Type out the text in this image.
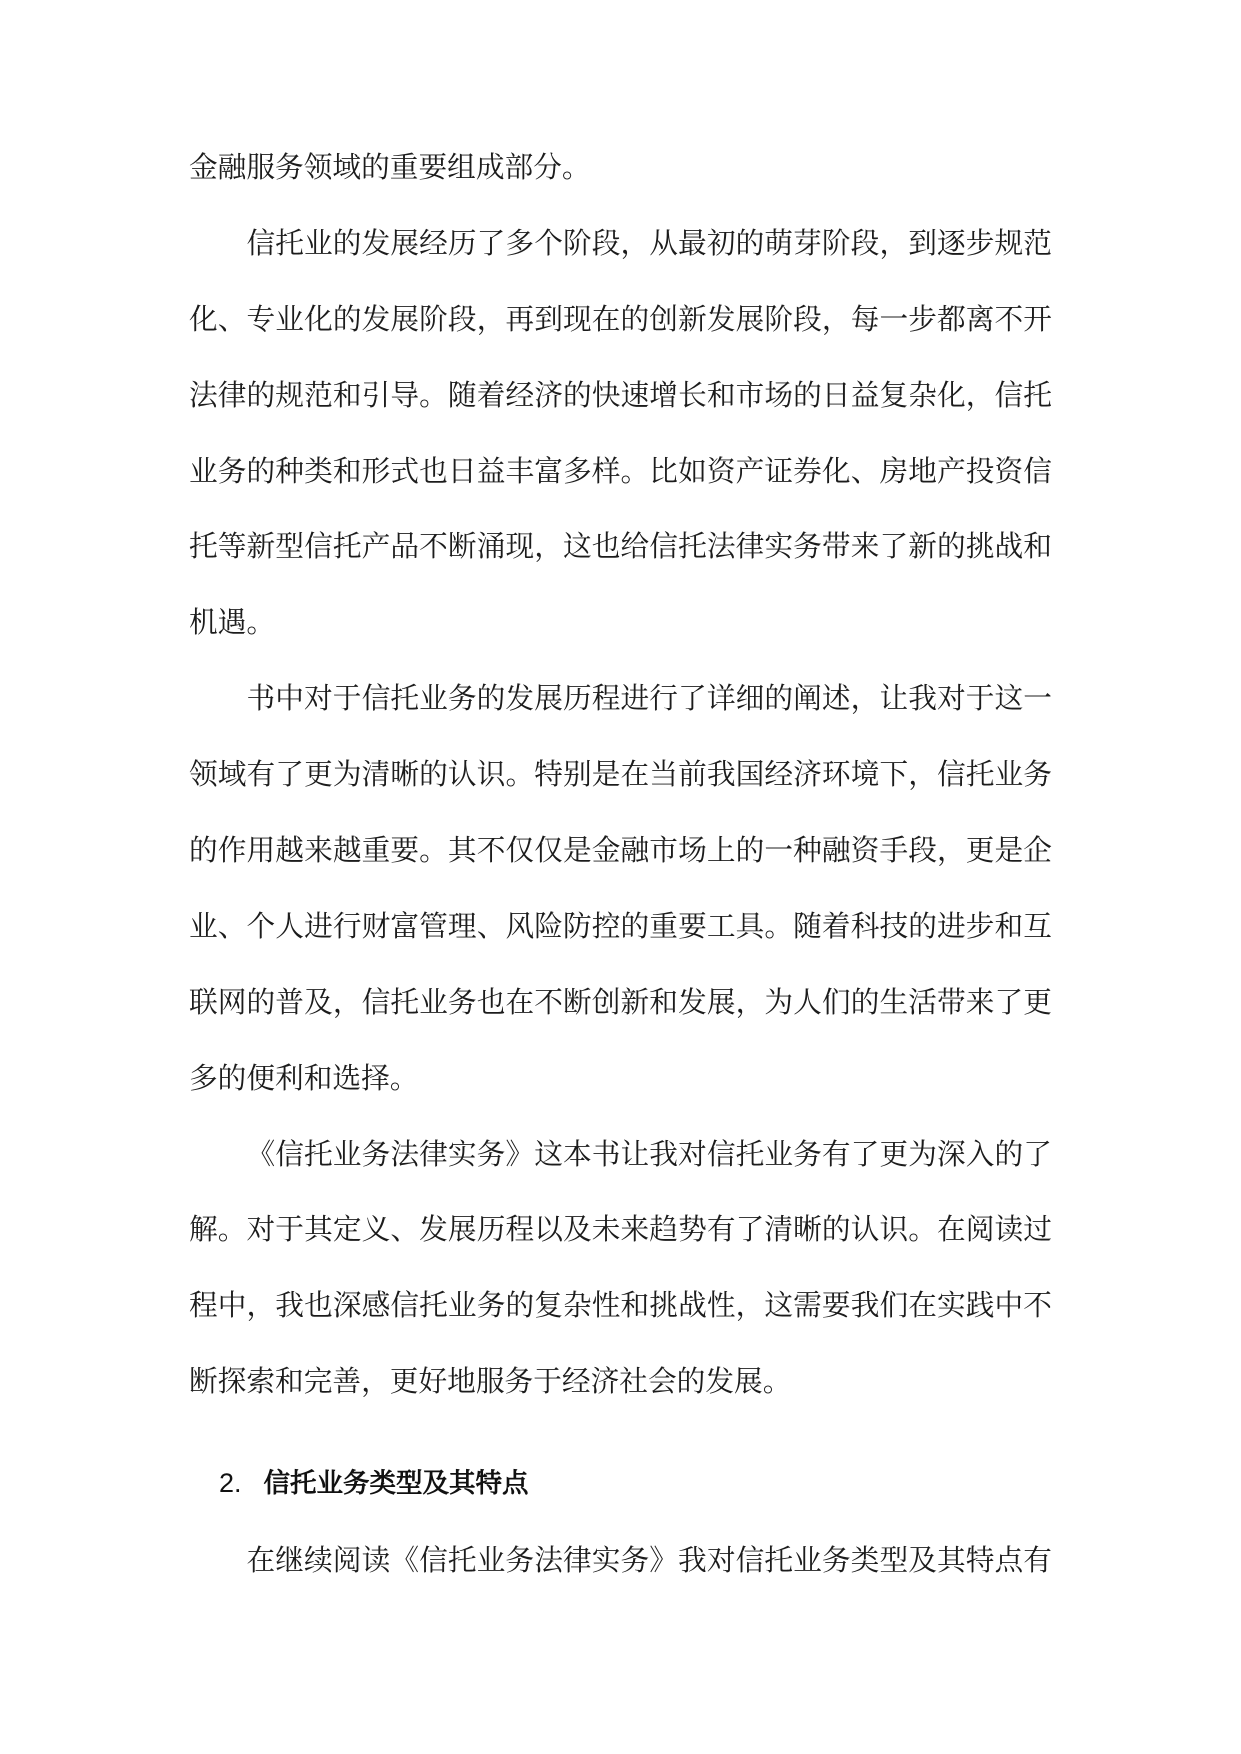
金融服务领域的重要组成部分。
信托业的发展经历了多个阶段，从最初的萌芽阶段，到逐步规范
化、专业化的发展阶段，再到现在的创新发展阶段，每一步都离不开
法律的规范和引导。随着经济的快速增长和市场的日益复杂化，信托
业务的种类和形式也日益丰富多样。比如资产证券化、房地产投资信
托等新型信托产品不断涌现，这也给信托法律实务带来了新的挑战和
机遇。
书中对于信托业务的发展历程进行了详细的阐述，让我对于这一
领域有了更为清晰的认识。特别是在当前我国经济环境下，信托业务
的作用越来越重要。其不仅仅是金融市场上的一种融资手段，更是企
业、个人进行财富管理、风险防控的重要工具。随着科技的进步和互
联网的普及，信托业务也在不断创新和发展，为人们的生活带来了更
多的便利和选择。
《信托业务法律实务》这本书让我对信托业务有了更为深入的了
解。对于其定义、发展历程以及未来趋势有了清晰的认识。在阅读过
程中，我也深感信托业务的复杂性和挑战性，这需要我们在实践中不
断探索和完善，更好地服务于经济社会的发展。
2. 信托业务类型及其特点
在继续阅读《信托业务法律实务》我对信托业务类型及其特点有
